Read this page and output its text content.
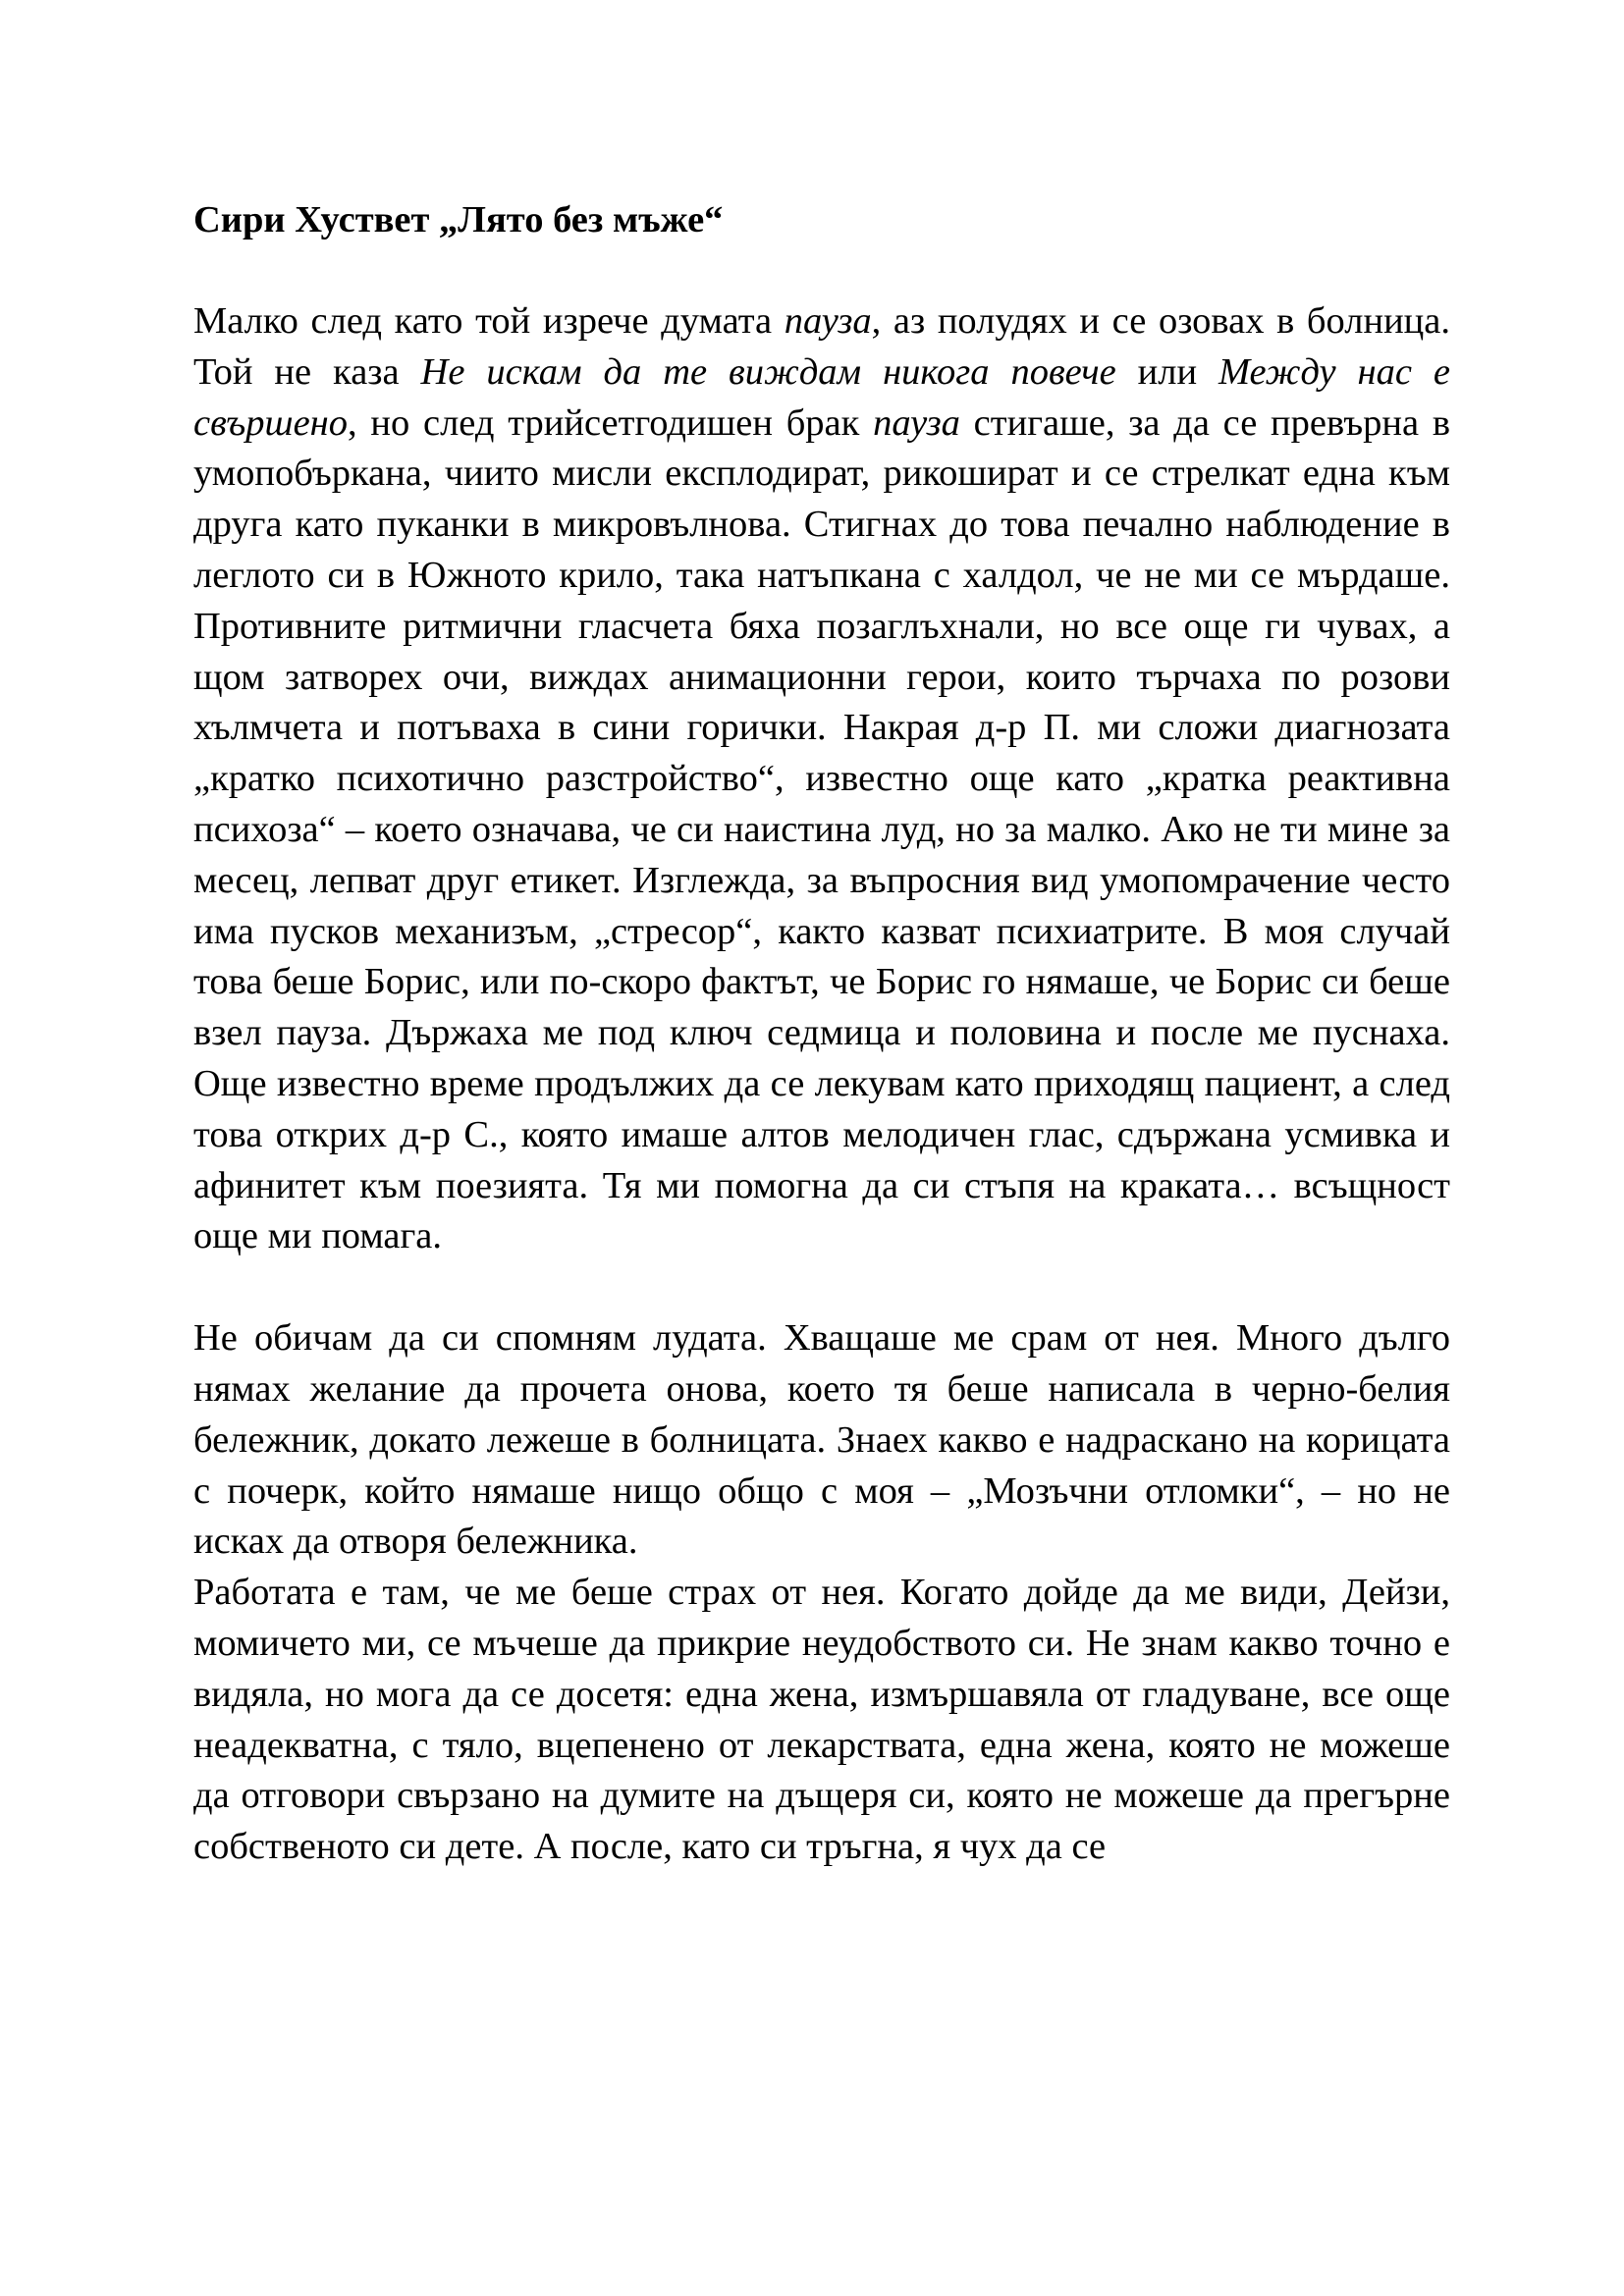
Сири Хуствет „Лято без мъже“

Малко след като той изрече думата пауза, аз полудях и се озовах в болница. Той не каза Не искам да те виждам никога повече или Между нас е свършено, но след трийсетгодишен брак пауза стигаше, за да се превърна в умопобъркана, чиито мисли експлодират, рикошират и се стрелкат една към друга като пуканки в микровълнова. Стигнах до това печално наблюдение в леглото си в Южното крило, така натъпкана с халдол, че не ми се мърдаше. Противните ритмични гласчета бяха позаглъхнали, но все още ги чувах, а щом затворех очи, виждах анимационни герои, които търчаха по розови хълмчета и потъваха в сини горички. Накрая д-р П. ми сложи диагнозата „кратко психотично разстройство“, известно още като „кратка реактивна психоза“ – което означава, че си наистина луд, но за малко. Ако не ти мине за месец, лепват друг етикет. Изглежда, за въпросния вид умопомрачение често има пусков механизъм, „стресор“, както казват психиатрите. В моя случай това беше Борис, или по-скоро фактът, че Борис го нямаше, че Борис си беше взел пауза. Държаха ме под ключ седмица и половина и после ме пуснаха. Още известно време продължих да се лекувам като приходящ пациент, а след това открих д-р С., която имаше алтов мелодичен глас, сдържана усмивка и афинитет към поезията. Тя ми помогна да си стъпя на краката… всъщност още ми помага.

Не обичам да си спомням лудата. Хващаше ме срам от нея. Много дълго нямах желание да прочета онова, което тя беше написала в черно-белия бележник, докато лежеше в болницата. Знаех какво е надраскано на корицата с почерк, който нямаше нищо общо с моя – „Мозъчни отломки“, – но не исках да отворя бележника.

Работата е там, че ме беше страх от нея. Когато дойде да ме види, Дейзи, момичето ми, се мъчеше да прикрие неудобството си. Не знам какво точно е видяла, но мога да се досетя: една жена, измършавяла от гладуване, все още неадекватна, с тяло, вцепенено от лекарствата, една жена, която не можеше да отговори свързано на думите на дъщеря си, която не можеше да прегърне собственото си дете. А после, като си тръгна, я чух да се
